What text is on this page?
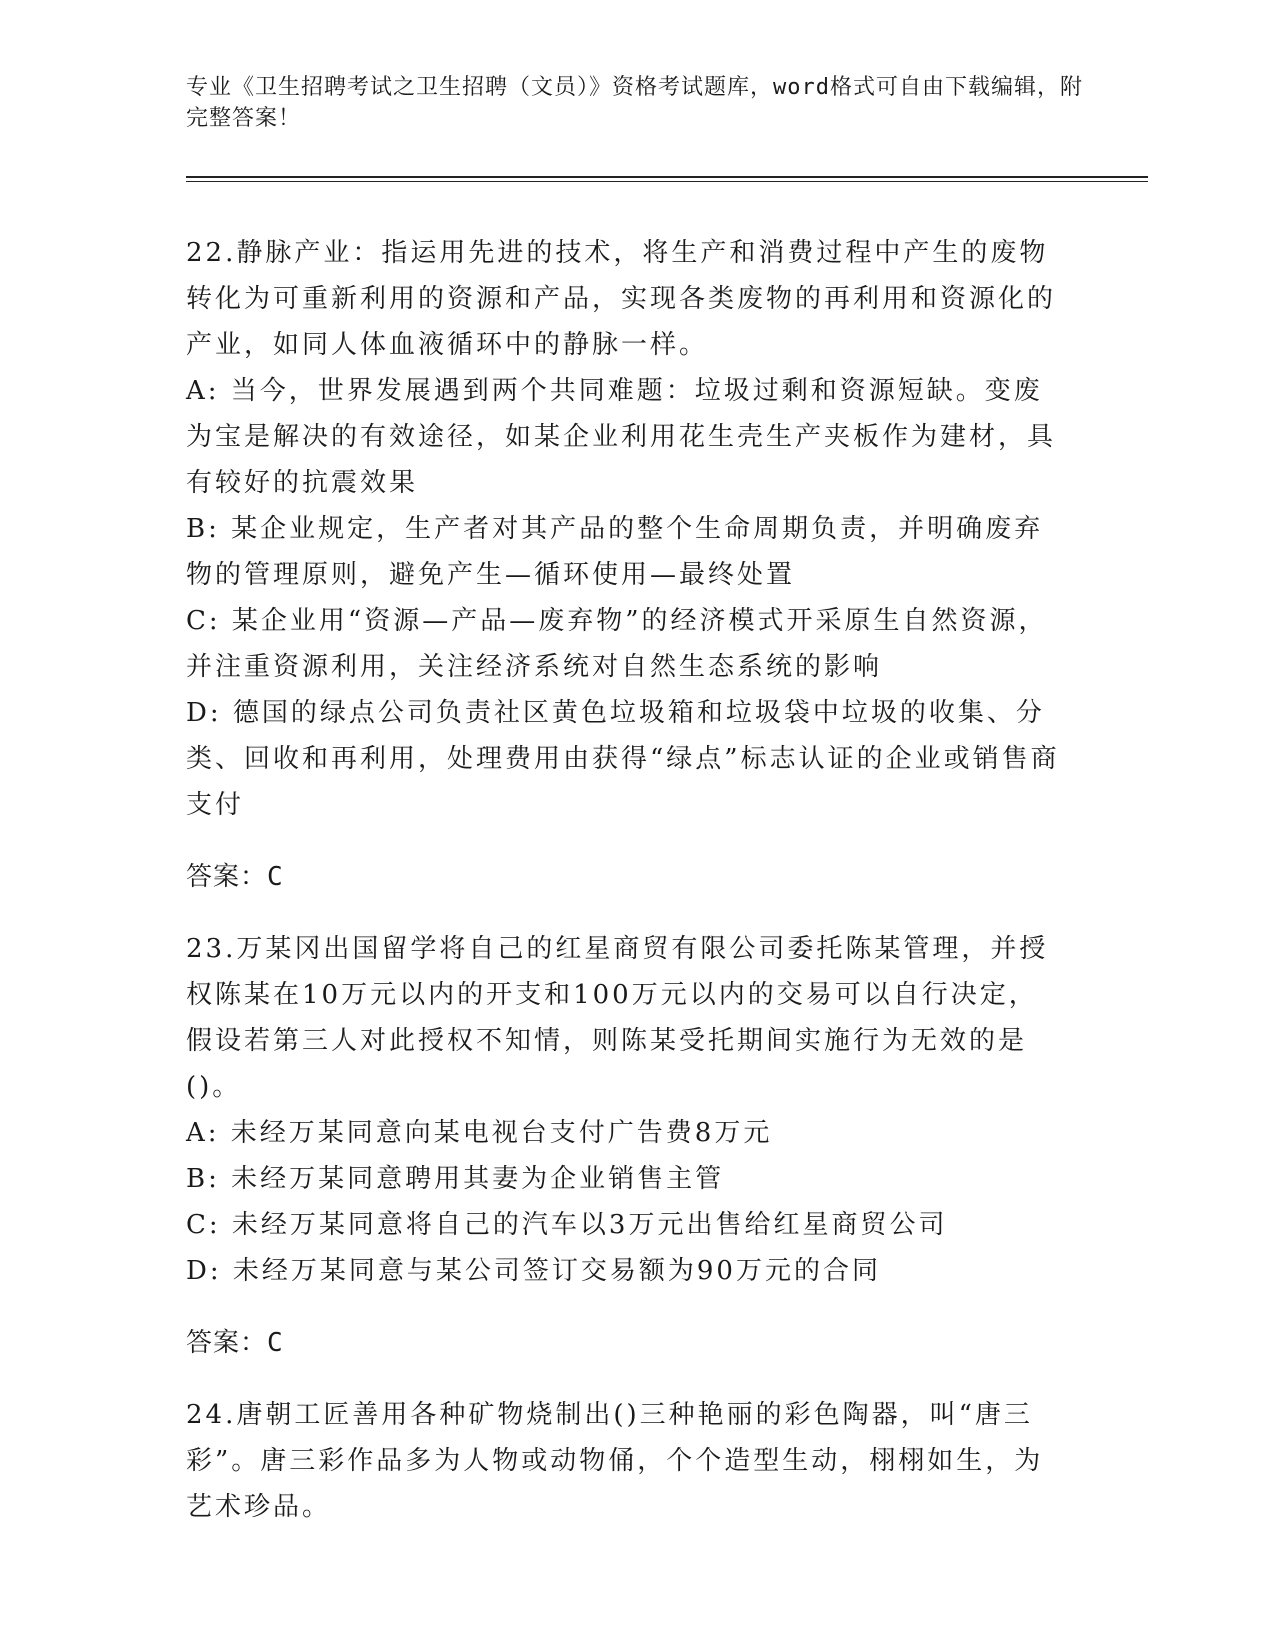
专业《卫生招聘考试之卫生招聘（文员）》资格考试题库，word格式可自由下载编辑，附完整答案！

22.静脉产业：指运用先进的技术，将生产和消费过程中产生的废物转化为可重新利用的资源和产品，实现各类废物的再利用和资源化的产业，如同人体血液循环中的静脉一样。

A: 当今，世界发展遇到两个共同难题：垃圾过剩和资源短缺。变废为宝是解决的有效途径，如某企业利用花生壳生产夹板作为建材，具有较好的抗震效果

B: 某企业规定，生产者对其产品的整个生命周期负责，并明确废弃物的管理原则，避免产生—循环使用—最终处置

C: 某企业用“资源—产品—废弃物”的经济模式开采原生自然资源，并注重资源利用，关注经济系统对自然生态系统的影响

D: 德国的绿点公司负责社区黄色垃圾箱和垃圾袋中垃圾的收集、分类、回收和再利用，处理费用由获得“绿点”标志认证的企业或销售商支付

答案：C

23.万某冈出国留学将自己的红星商贸有限公司委托陈某管理，并授权陈某在10万元以内的开支和100万元以内的交易可以自行决定，假设若第三人对此授权不知情，则陈某受托期间实施行为无效的是()。

A: 未经万某同意向某电视台支付广告费8万元

B: 未经万某同意聘用其妻为企业销售主管

C: 未经万某同意将自己的汽车以3万元出售给红星商贸公司

D: 未经万某同意与某公司签订交易额为90万元的合同

答案：C

24.唐朝工匠善用各种矿物烧制出()三种艳丽的彩色陶器，叫“唐三彩”。唐三彩作品多为人物或动物俑，个个造型生动，栩栩如生，为艺术珍品。
